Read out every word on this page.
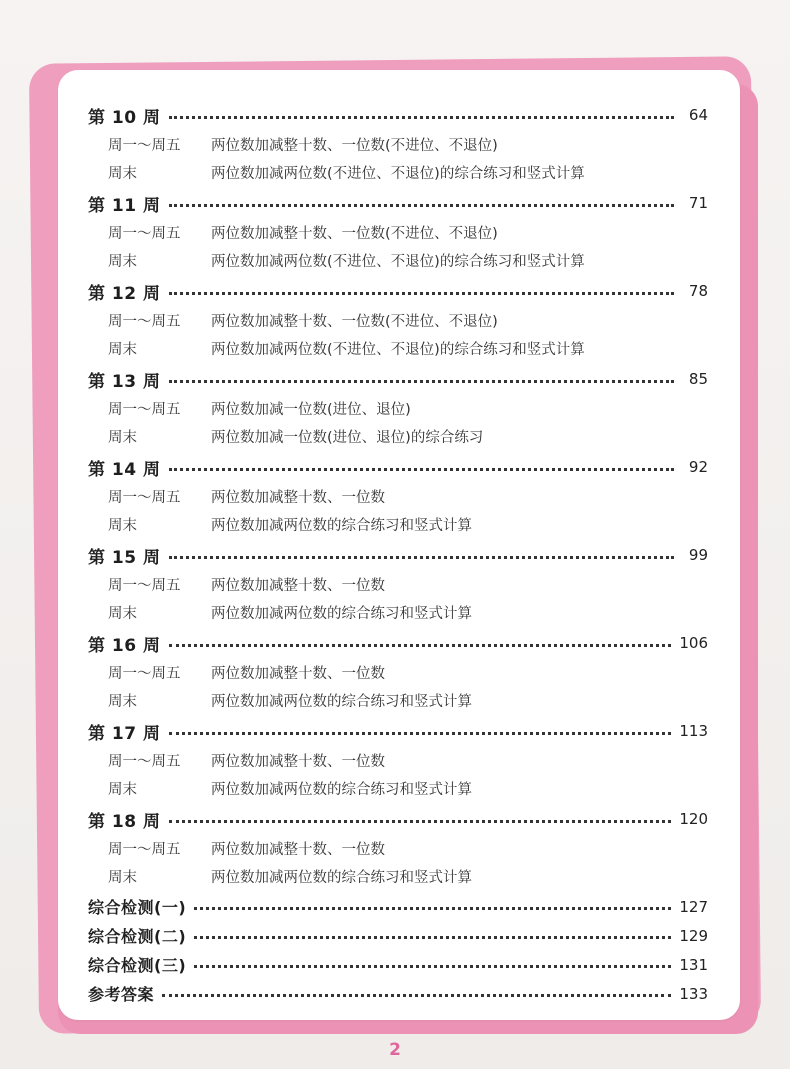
第 10 周	64
周一～周五	两位数加减整十数、一位数(不进位、不退位)
周末	两位数加减两位数(不进位、不退位)的综合练习和竖式计算
第 11 周	71
周一～周五	两位数加减整十数、一位数(不进位、不退位)
周末	两位数加减两位数(不进位、不退位)的综合练习和竖式计算
第 12 周	78
周一～周五	两位数加减整十数、一位数(不进位、不退位)
周末	两位数加减两位数(不进位、不退位)的综合练习和竖式计算
第 13 周	85
周一～周五	两位数加减一位数(进位、退位)
周末	两位数加减一位数(进位、退位)的综合练习
第 14 周	92
周一～周五	两位数加减整十数、一位数
周末	两位数加减两位数的综合练习和竖式计算
第 15 周	99
周一～周五	两位数加减整十数、一位数
周末	两位数加减两位数的综合练习和竖式计算
第 16 周	106
周一～周五	两位数加减整十数、一位数
周末	两位数加减两位数的综合练习和竖式计算
第 17 周	113
周一～周五	两位数加减整十数、一位数
周末	两位数加减两位数的综合练习和竖式计算
第 18 周	120
周一～周五	两位数加减整十数、一位数
周末	两位数加减两位数的综合练习和竖式计算
综合检测(一)	127
综合检测(二)	129
综合检测(三)	131
参考答案	133
2
